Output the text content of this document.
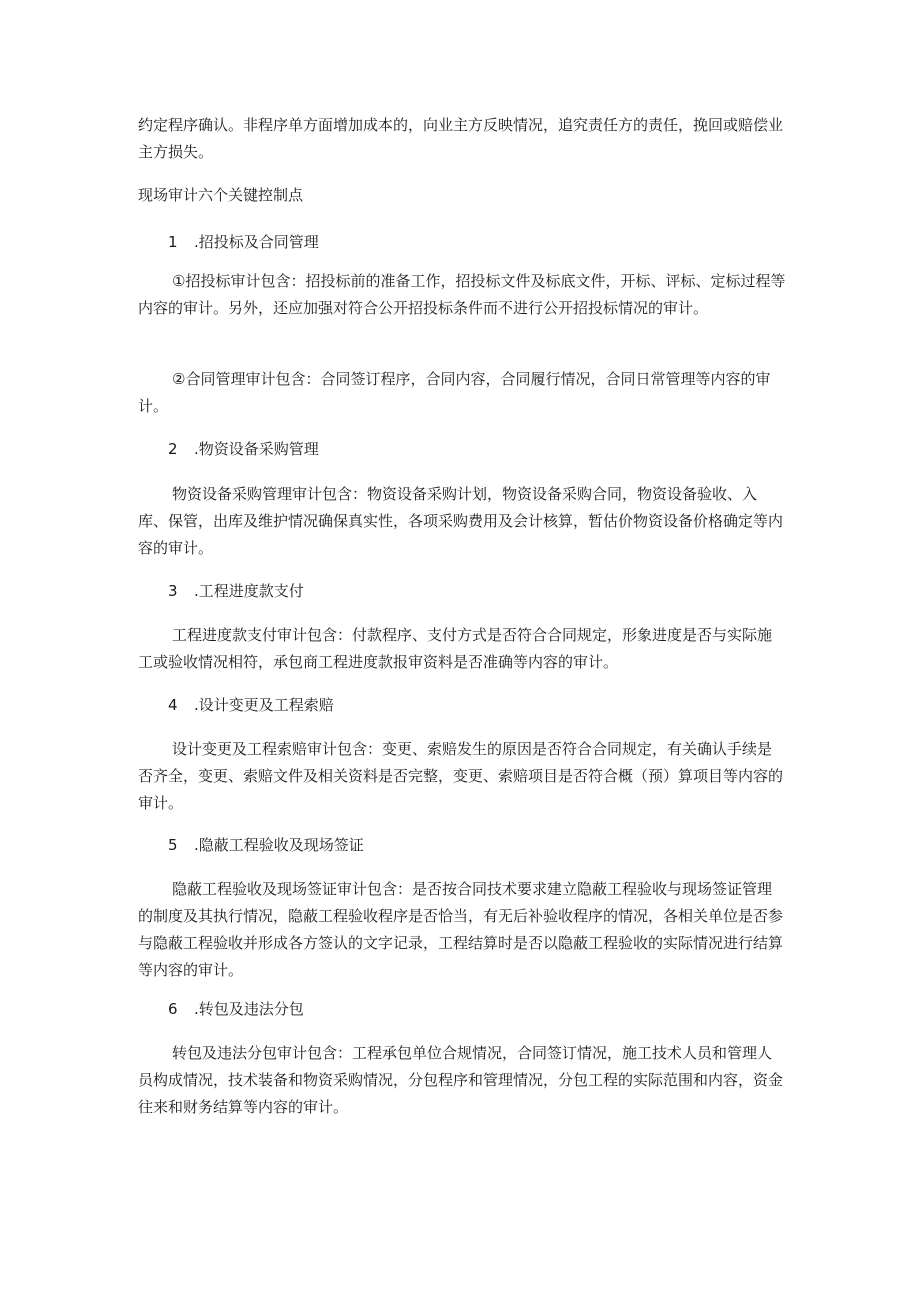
约定程序确认。非程序单方面增加成本的，向业主方反映情况，追究责任方的责任，挽回或赔偿业主方损失。

现场审计六个关键控制点

1 .招投标及合同管理

①招投标审计包含：招投标前的准备工作，招投标文件及标底文件，开标、评标、定标过程等内容的审计。另外，还应加强对符合公开招投标条件而不进行公开招投标情况的审计。

②合同管理审计包含：合同签订程序，合同内容，合同履行情况，合同日常管理等内容的审计。

2 .物资设备采购管理

物资设备采购管理审计包含：物资设备采购计划，物资设备采购合同，物资设备验收、入库、保管，出库及维护情况确保真实性，各项采购费用及会计核算，暂估价物资设备价格确定等内容的审计。

3 .工程进度款支付

工程进度款支付审计包含：付款程序、支付方式是否符合合同规定，形象进度是否与实际施工或验收情况相符，承包商工程进度款报审资料是否准确等内容的审计。

4 .设计变更及工程索赔

设计变更及工程索赔审计包含：变更、索赔发生的原因是否符合合同规定，有关确认手续是否齐全，变更、索赔文件及相关资料是否完整，变更、索赔项目是否符合概（预）算项目等内容的审计。

5 .隐蔽工程验收及现场签证

隐蔽工程验收及现场签证审计包含：是否按合同技术要求建立隐蔽工程验收与现场签证管理的制度及其执行情况，隐蔽工程验收程序是否恰当，有无后补验收程序的情况，各相关单位是否参与隐蔽工程验收并形成各方签认的文字记录，工程结算时是否以隐蔽工程验收的实际情况进行结算等内容的审计。

6 .转包及违法分包

转包及违法分包审计包含：工程承包单位合规情况，合同签订情况，施工技术人员和管理人员构成情况，技术装备和物资采购情况，分包程序和管理情况，分包工程的实际范围和内容，资金往来和财务结算等内容的审计。
